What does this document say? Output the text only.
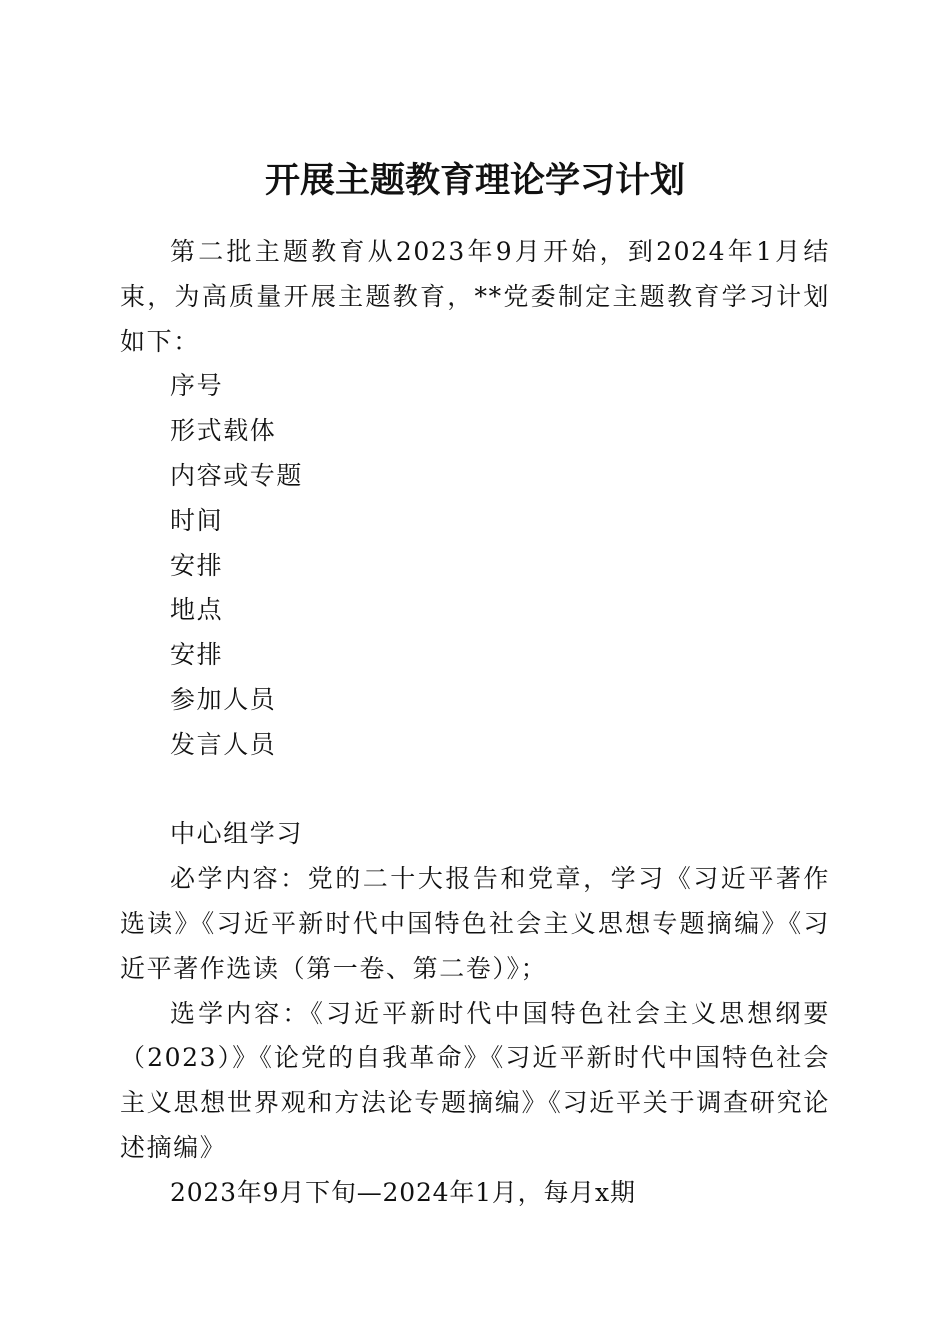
开展主题教育理论学习计划

第二批主题教育从2023年9月开始，到2024年1月结束，为高质量开展主题教育，**党委制定主题教育学习计划如下：

序号

形式载体

内容或专题

时间

安排

地点

安排

参加人员

发言人员

中心组学习

必学内容：党的二十大报告和党章，学习《习近平著作选读》《习近平新时代中国特色社会主义思想专题摘编》《习近平著作选读（第一卷、第二卷）》；

选学内容：《习近平新时代中国特色社会主义思想纲要（2023）》《论党的自我革命》《习近平新时代中国特色社会主义思想世界观和方法论专题摘编》《习近平关于调查研究论述摘编》

2023年9月下旬—2024年1月，每月x期
